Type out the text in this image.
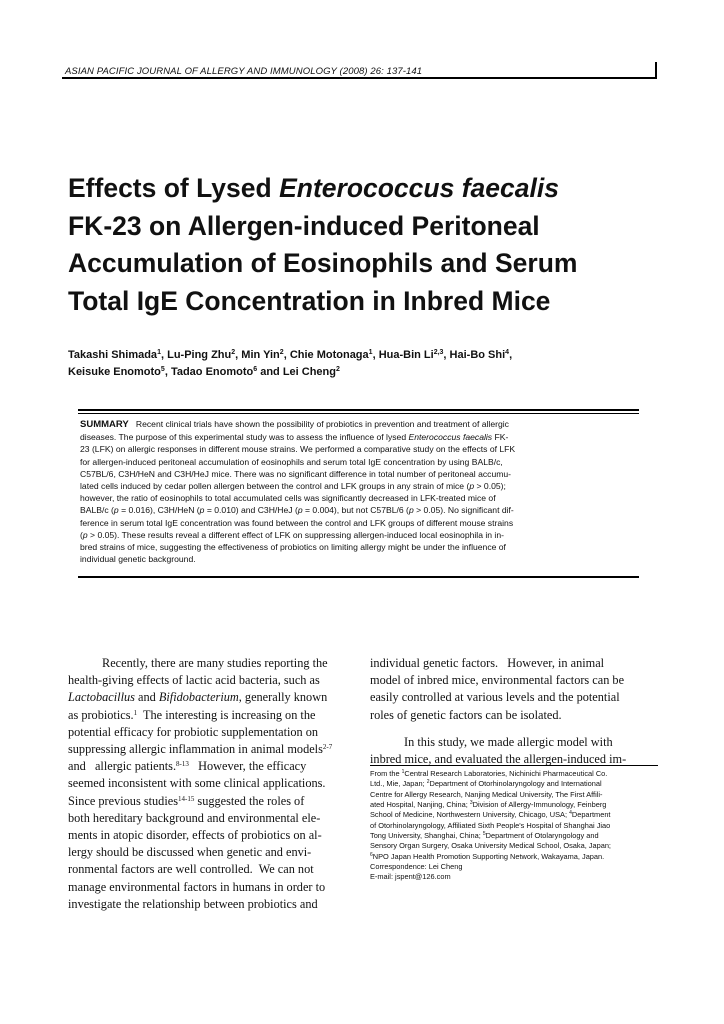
ASIAN PACIFIC JOURNAL OF ALLERGY AND IMMUNOLOGY (2008) 26: 137-141
Effects of Lysed Enterococcus faecalis
FK-23 on Allergen-induced Peritoneal
Accumulation of Eosinophils and Serum
Total IgE Concentration in Inbred Mice
Takashi Shimada$^1$, Lu-Ping Zhu$^2$, Min Yin$^2$, Chie Motonaga$^1$, Hua-Bin Li$^{2,3}$, Hai-Bo Shi$^4$,
Keisuke Enomoto$^5$, Tadao Enomoto$^6$ and Lei Cheng$^2$
SUMMARY   Recent clinical trials have shown the possibility of probiotics in prevention and treatment of allergic
diseases. The purpose of this experimental study was to assess the influence of lysed Enterococcus faecalis FK-
23 (LFK) on allergic responses in different mouse strains. We performed a comparative study on the effects of LFK
for allergen-induced peritoneal accumulation of eosinophils and serum total IgE concentration by using BALB/c,
C57BL/6, C3H/HeN and C3H/HeJ mice. There was no significant difference in total number of peritoneal accumu-
lated cells induced by cedar pollen allergen between the control and LFK groups in any strain of mice (p > 0.05);
however, the ratio of eosinophils to total accumulated cells was significantly decreased in LFK-treated mice of
BALB/c (p = 0.016), C3H/HeN (p = 0.010) and C3H/HeJ (p = 0.004), but not C57BL/6 (p > 0.05). No significant dif-
ference in serum total IgE concentration was found between the control and LFK groups of different mouse strains
(p > 0.05). These results reveal a different effect of LFK on suppressing allergen-induced local eosinophila in in-
bred strains of mice, suggesting the effectiveness of probiotics on limiting allergy might be under the influence of
individual genetic background.
Recently, there are many studies reporting the
health-giving effects of lactic acid bacteria, such as
Lactobacillus and Bifidobacterium, generally known
as probiotics.$^1$  The interesting is increasing on the
potential efficacy for probiotic supplementation on
suppressing allergic inflammation in animal models$^{2-7}$
and   allergic patients.$^{8-13}$   However, the efficacy
seemed inconsistent with some clinical applications.
Since previous studies$^{14-15}$ suggested the roles of
both hereditary background and environmental ele-
ments in atopic disorder, effects of probiotics on al-
lergy should be discussed when genetic and envi-
ronmental factors are well controlled.  We can not
manage environmental factors in humans in order to
investigate the relationship between probiotics and
individual genetic factors.   However, in animal
model of inbred mice, environmental factors can be
easily controlled at various levels and the potential
roles of genetic factors can be isolated.
In this study, we made allergic model with
inbred mice, and evaluated the allergen-induced im-
From the $^1$Central Research Laboratories, Nichinichi Pharmaceutical Co.
Ltd., Mie, Japan; $^2$Department of Otorhinolaryngology and International
Centre for Allergy Research, Nanjing Medical University, The First Affili-
ated Hospital, Nanjing, China; $^3$Division of Allergy-Immunology, Feinberg
School of Medicine, Northwestern University, Chicago, USA; $^4$Department
of Otorhinolaryngology, Affiliated Sixth People's Hospital of Shanghai Jiao
Tong University, Shanghai, China; $^5$Department of Otolaryngology and
Sensory Organ Surgery, Osaka University Medical School, Osaka, Japan;
$^6$NPO Japan Health Promotion Supporting Network, Wakayama, Japan.
Correspondence: Lei Cheng
E-mail: jspent@126.com
